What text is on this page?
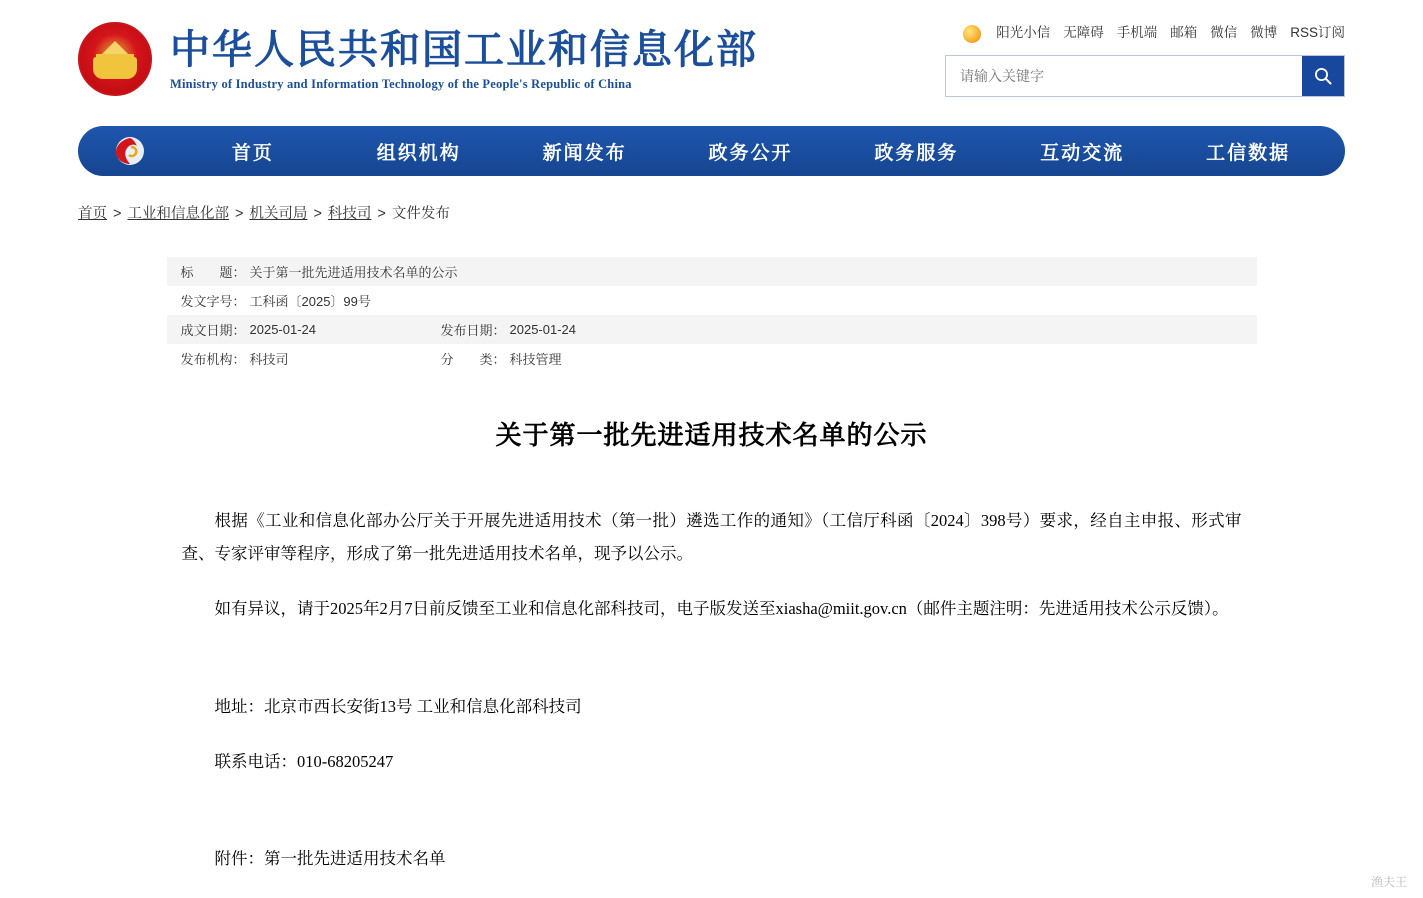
中华人民共和国工业和信息化部
Ministry of Industry and Information Technology of the People's Republic of China
阳光小信 无障碍 手机端 邮箱 微信 微博 RSS订阅
请输入关键字
首页	组织机构	新闻发布	政务公开	政务服务	互动交流	工信数据
首页 > 工业和信息化部 > 机关司局 > 科技司 > 文件发布
标　　题： 关于第一批先进适用技术名单的公示
发文字号： 工科函〔2025〕99号
成文日期： 2025-01-24	发布日期： 2025-01-24
发布机构： 科技司	分　　类： 科技管理
关于第一批先进适用技术名单的公示

根据《工业和信息化部办公厅关于开展先进适用技术（第一批）遴选工作的通知》（工信厅科函〔2024〕398号）要求，经自主申报、形式审查、专家评审等程序，形成了第一批先进适用技术名单，现予以公示。

如有异议，请于2025年2月7日前反馈至工业和信息化部科技司，电子版发送至xiasha@miit.gov.cn（邮件主题注明：先进适用技术公示反馈）。

地址：北京市西长安街13号 工业和信息化部科技司

联系电话：010-68205247

附件：第一批先进适用技术名单

渔夫王
